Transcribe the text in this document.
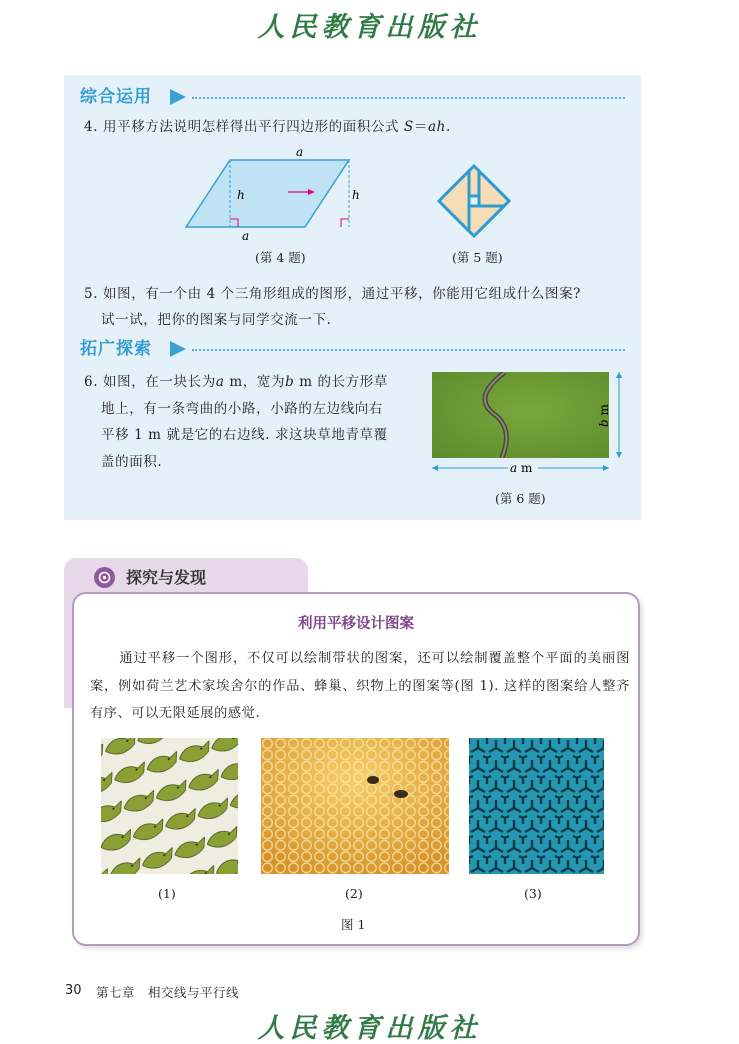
人民教育出版社
综合运用
4. 用平移方法说明怎样得出平行四边形的面积公式 S＝ah.
a
a
h	h
(第 4 题)	(第 5 题)
5. 如图，有一个由 4 个三角形组成的图形，通过平移，你能用它组成什么图案?
试一试，把你的图案与同学交流一下.
拓广探索
6. 如图，在一块长为a m，宽为b m 的长方形草
地上，有一条弯曲的小路，小路的左边线向右
平移 1 m 就是它的右边线. 求这块草地青草覆
盖的面积.	a m
b m
(第 6 题)
探究与发现
利用平移设计图案
通过平移一个图形，不仅可以绘制带状的图案，还可以绘制覆盖整个平面的美丽图案，例如荷兰艺术家埃舍尔的作品、蜂巢、织物上的图案等(图 1). 这样的图案给人整齐有序、可以无限延展的感觉.
(1)	(2)	(3)
图 1
30 第七章　相交线与平行线
人民教育出版社
